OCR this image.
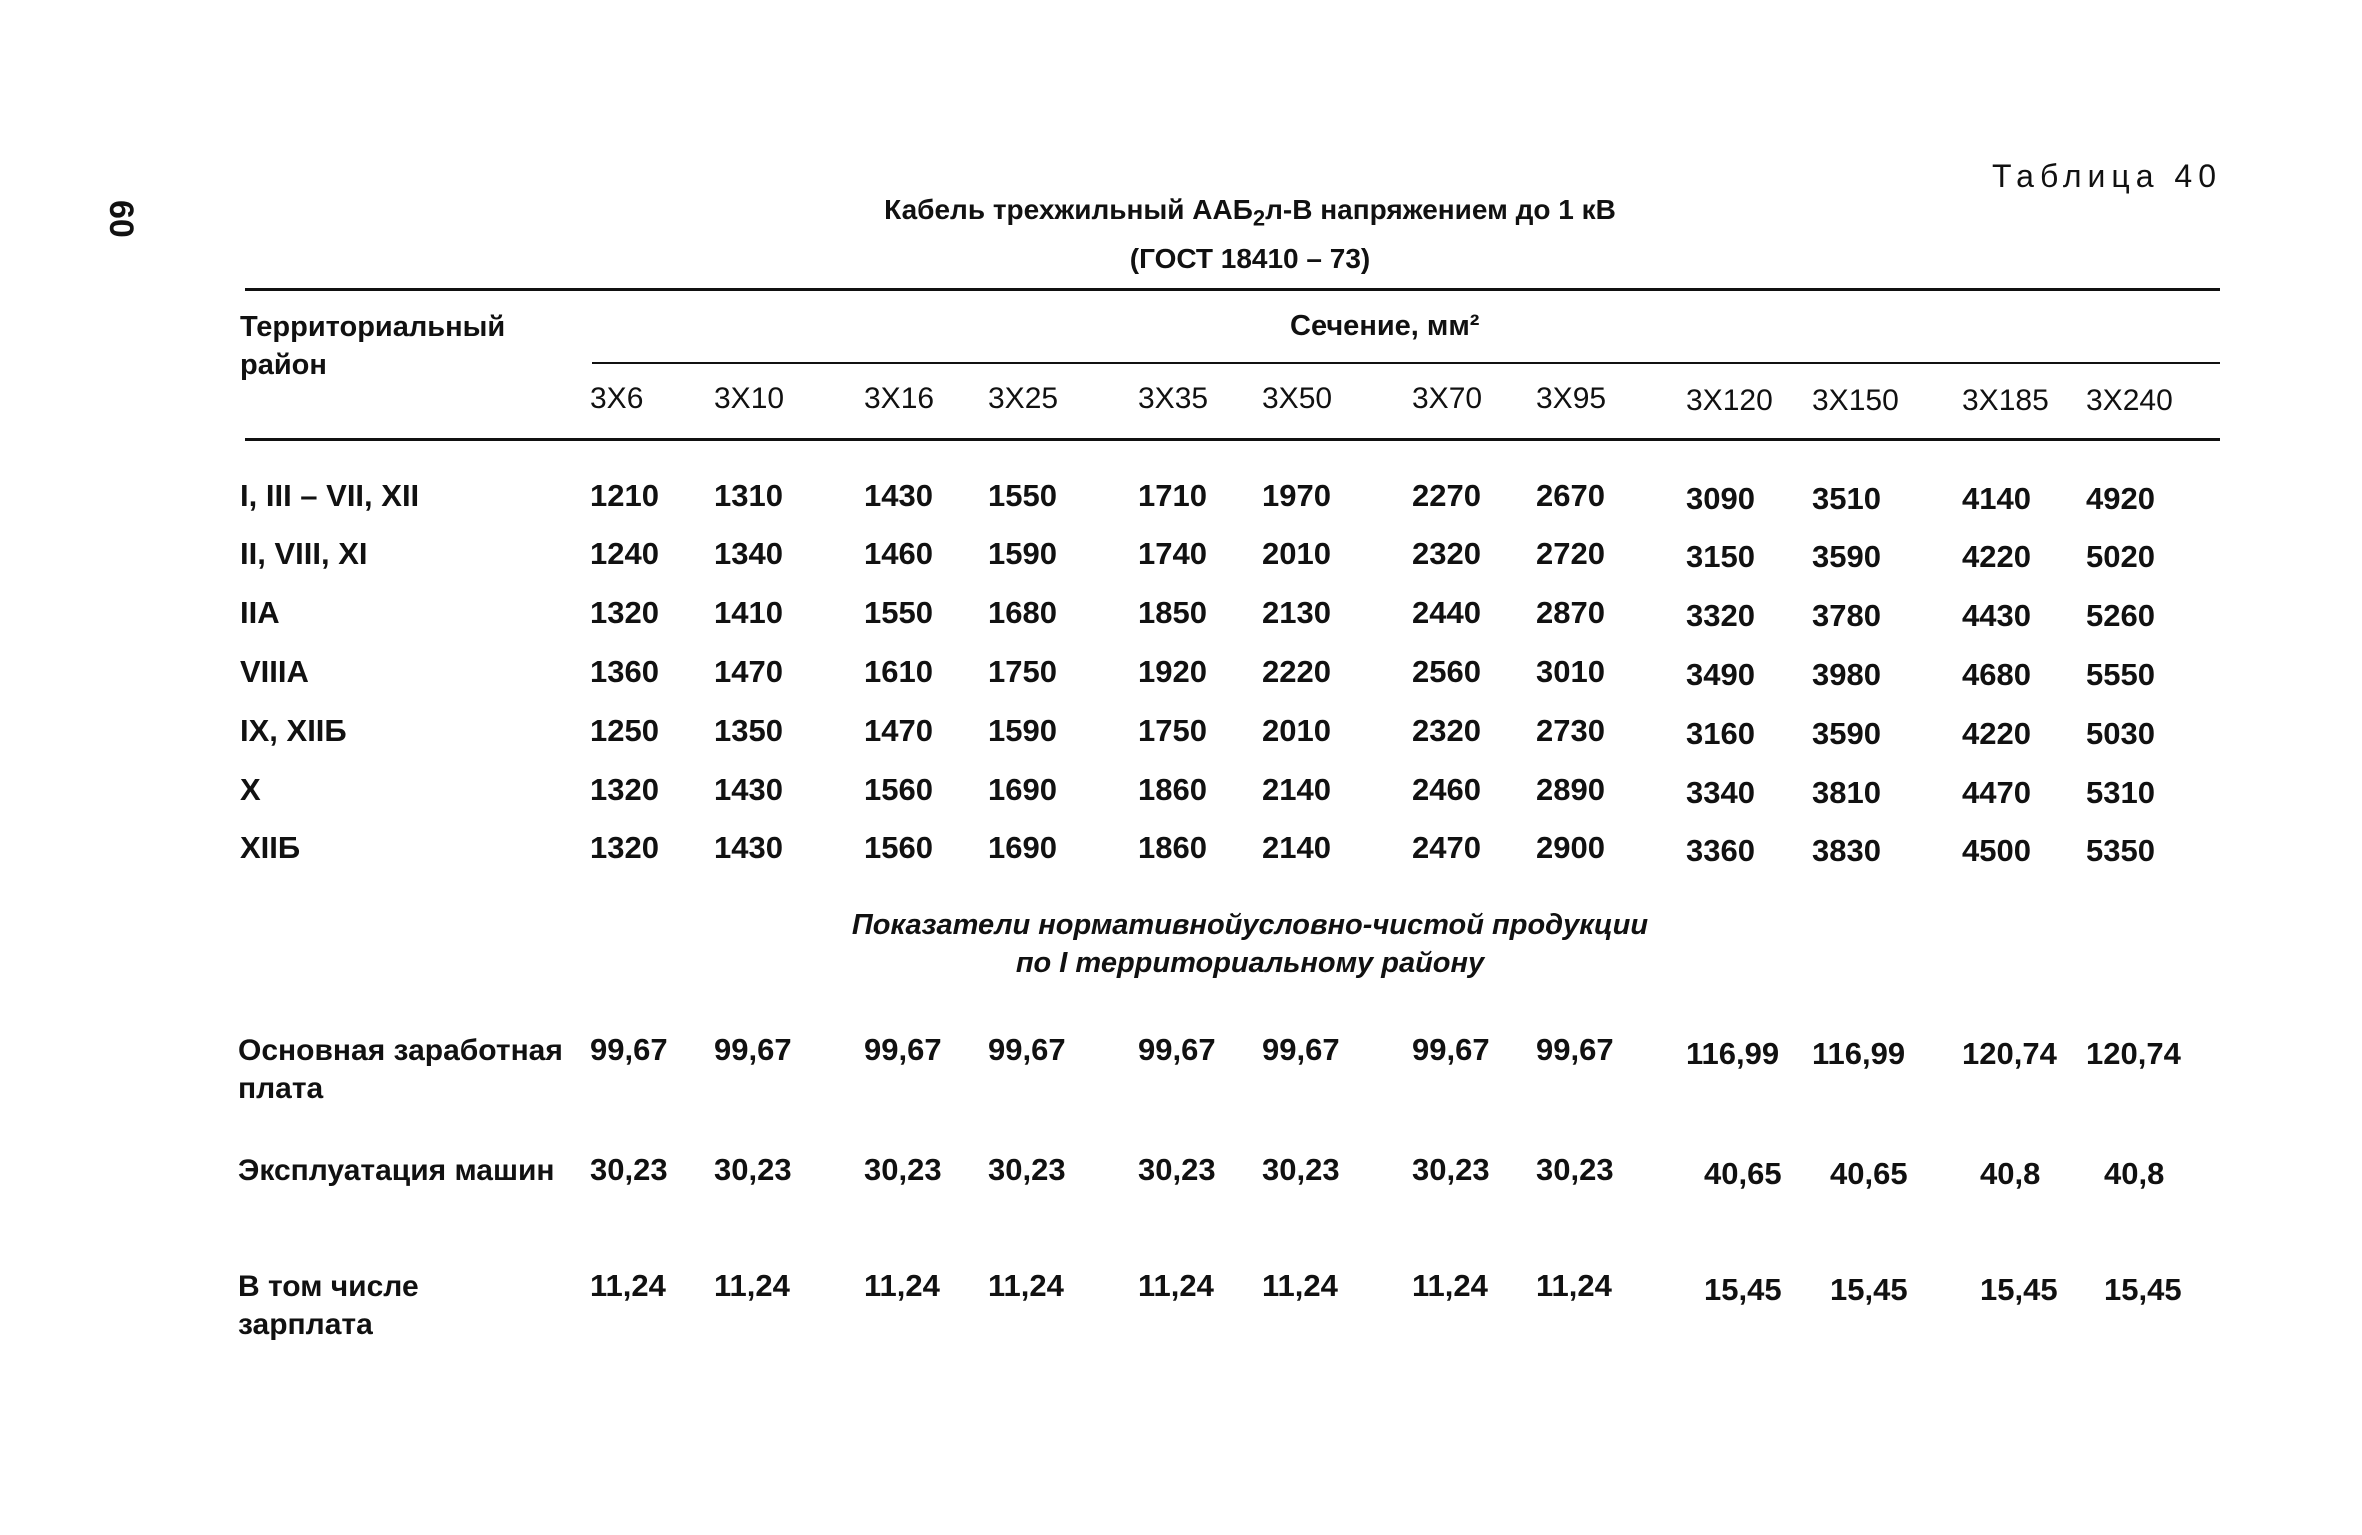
60
Таблица 40
Кабель трехжильный $ААБ_2л-В$ напряжением до 1 кВ
(ГОСТ 18410 – 73)
Территориальный
район
Сечение, мм²
3Х6 3Х10	3Х16 3Х25	3Х35 3Х50	3Х70 3Х95	3Х120 3Х150 3Х185 3Х240
I, III – VII, XII	1210 1310	1430 1550	1710 1970	2270 2670	3090 3510	4140 4920
II, VIII, XI	1240 1340	1460 1590	1740 2010	2320 2720	3150 3590	4220 5020
IIА	1320 1410	1550 1680	1850 2130	2440 2870	3320 3780	4430 5260
VIIIА	1360 1470	1610 1750	1920 2220	2560 3010	3490 3980	4680 5550
IX, XIIБ	1250 1350	1470 1590	1750 2010	2320 2730	3160 3590	4220 5030
Х	1320 1430	1560 1690	1860 2140	2460 2890	3340 3810	4470 5310
XIIБ	1320 1430	1560 1690	1860 2140	2470 2900	3360 3830	4500 5350
Показатели нормативнойусловно-чистой продукции
по I территориальному району
Основная заработная
плата
99,67 99,67 99,67 99,67 99,67 99,67 99,67 99,67 116,99 116,99 120,74 120,74
Эксплуатация машин 30,23 30,23 30,23 30,23 30,23 30,23 30,23 30,23	40,65 40,65 40,8 40,8
В том числе
зарплата
11,24 11,24 11,24 11,24 11,24 11,24 11,24 11,24	15,45 15,45 15,45 15,45
